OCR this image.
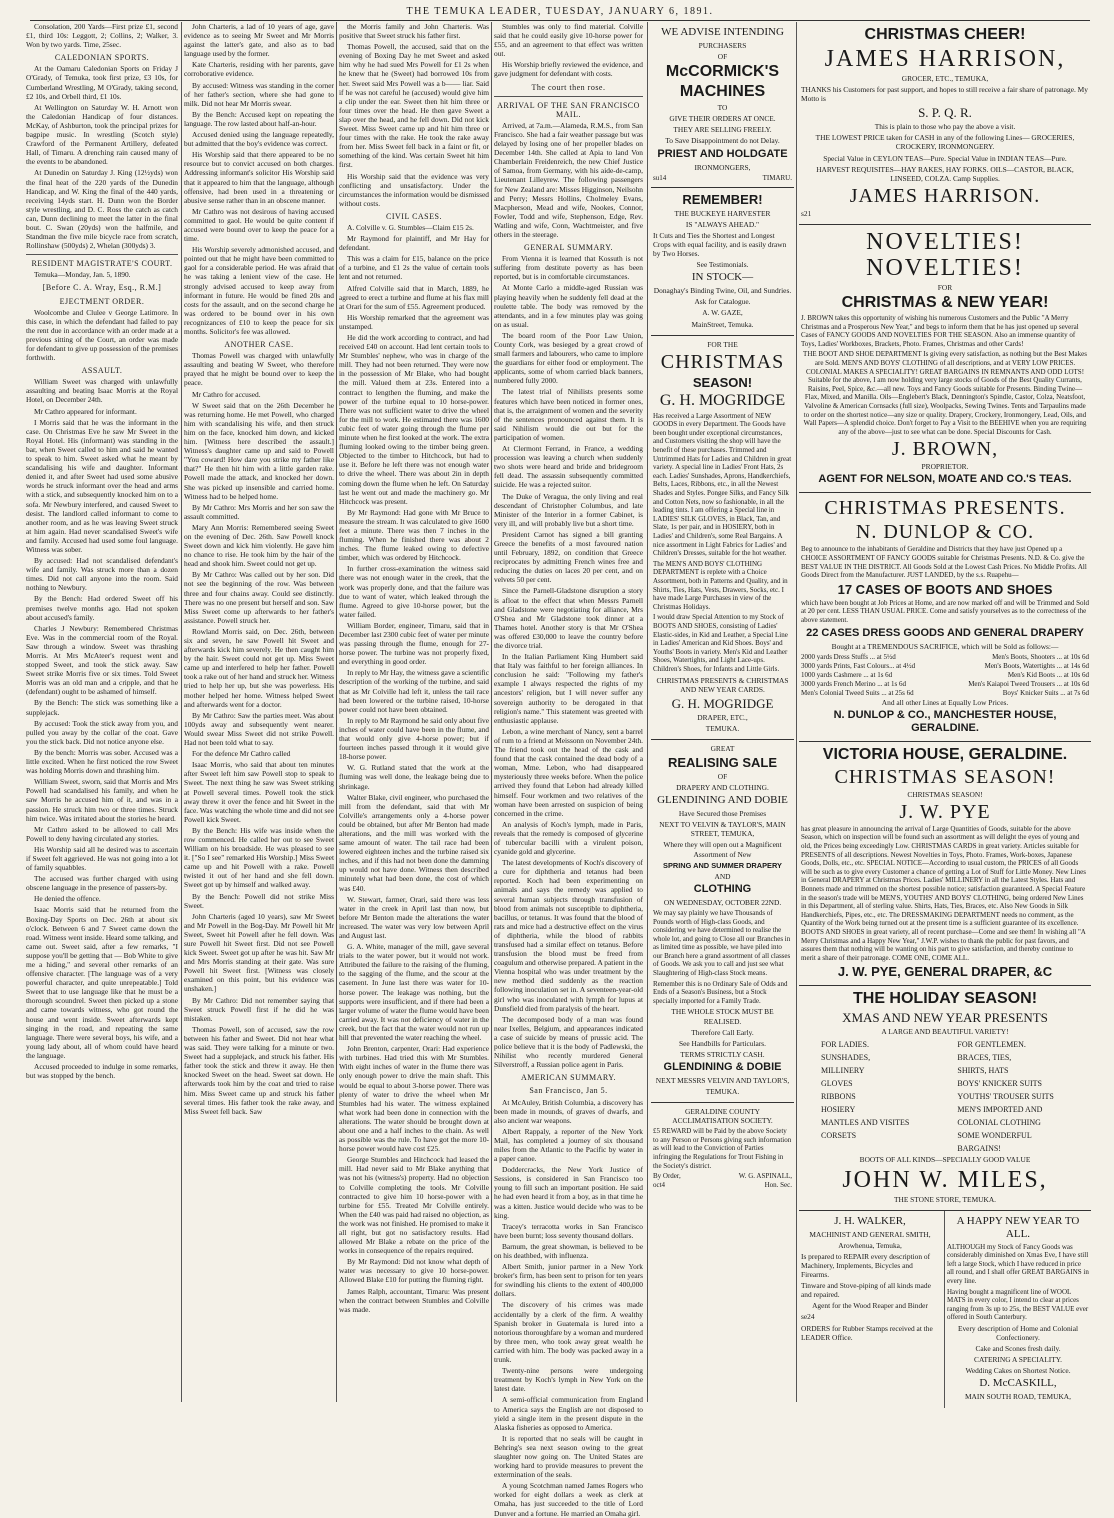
THE TEMUKA LEADER, TUESDAY, JANUARY 6, 1891.

Consolation, 200 Yards—First prize £1, second £1, third 10s: Leggott, 2; Collins, 2; Walker, 3. Won by two yards. Time, 25sec.

CALEDONIAN SPORTS.

At the Oamaru Caledonian Sports on Friday J O'Grady, of Temuka, took first prize, £3 10s, for Cumberland Wrestling, M O'Grady, taking second, £2 10s, and Orbell third, £1 10s.

At Wellington on Saturday W. H. Arnott won the Caledonian Handicap of four distances. McKay, of Ashburton, took the principal prizes for bagpipe music. In wrestling (Scotch style) Crawford of the Permanent Artillery, defeated Hall, of Timaru. A drenching rain caused many of the events to be abandoned.

At Dunedin on Saturday J. King (12½yds) won the final heat of the 220 yards of the Dunedin Handicap, and W. King the final of the 440 yards, receiving 14yds start. H. Dunn won the Border style wrestling, and D. C. Ross the catch as catch can, Dunn declining to meet the latter in the final bout. C. Swan (20yds) won the halfmile, and Standman the five mile bicycle race from scratch, Rollinshaw (500yds) 2, Whelan (300yds) 3.

RESIDENT MAGISTRATE'S COURT.

Temuka—Monday, Jan. 5, 1890.

[Before C. A. Wray, Esq., R.M.]
EJECTMENT ORDER.

Woolcombe and Clulee v George Latimore. In this case, in which the defendant had failed to pay the rent due in accordance with an order made at a previous sitting of the Court, an order was made for defendant to give up possession of the premises forthwith.

ASSAULT.

William Sweet was charged with unlawfully assaulting and beating Isaac Morris at the Royal Hotel, on December 24th.

Mr Cathro appeared for informant.

I Morris said that he was the informant in the case. On Christmas Eve he saw Mr Sweet in the Royal Hotel. His (informant) was standing in the bar, when Sweet called to him and said he wanted to speak to him. Sweet asked what he meant by scandalising his wife and daughter. Informant denied it, and after Sweet had used some abusive words he struck informant over the head and arms with a stick, and subsequently knocked him on to a sofa. Mr Newbury interfered, and caused Sweet to desist. The landlord called informant to come to another room, and as he was leaving Sweet struck at him again. Had never scandalised Sweet's wife and family. Accused had used some foul language. Witness was sober.

By accused: Had not scandalised defendant's wife and family. Was struck more than a dozen times. Did not call anyone into the room. Said nothing to Newbury.

By the Bench: Had ordered Sweet off his premises twelve months ago. Had not spoken about accused's family.

Charles J Newbury: Remembered Christmas Eve. Was in the commercial room of the Royal. Saw through a window. Sweet was thrashing Morris. At Mrs McAteer's request went and stopped Sweet, and took the stick away. Saw Sweet strike Morris five or six times. Told Sweet Morris was an old man and a cripple, and that he (defendant) ought to be ashamed of himself.

By the Bench: The stick was something like a supplejack.

By accused: Took the stick away from you, and pulled you away by the collar of the coat. Gave you the stick back. Did not notice anyone else.

By the bench: Morris was sober. Accused was a little excited. When he first noticed the row Sweet was holding Morris down and thrashing him.

William Sweet, sworn, said that Morris and Mrs Powell had scandalised his family, and when he saw Morris he accused him of it, and was in a passion. He struck him two or three times. Struck him twice. Was irritated about the stories he heard.

Mr Cathro asked to be allowed to call Mrs Powell to deny having circulated any stories.

His Worship said all he desired was to ascertain if Sweet felt aggrieved. He was not going into a lot of family squabbles.

The accused was further charged with using obscene language in the presence of passers-by.

He denied the offence.

Isaac Morris said that he returned from the Boxing-Day Sports on Dec. 26th at about six o'clock. Between 6 and 7 Sweet came down the road. Witness went inside. Heard some talking, and came out. Sweet said, after a few remarks, "I suppose you'll be getting that — Bob White to give me a hiding," and several other remarks of an offensive character. [The language was of a very powerful character, and quite unrepeatable.] Told Sweet that to use language like that he must be a thorough scoundrel. Sweet then picked up a stone and came towards witness, who got round the house and went inside. Sweet afterwards kept singing in the road, and repeating the same language. There were several boys, his wife, and a young lady about, all of whom could have heard the language.

Accused proceeded to indulge in some remarks, but was stopped by the bench.

John Charteris, a lad of 10 years of age, gave evidence as to seeing Mr Sweet and Mr Morris against the latter's gate, and also as to bad language used by the former.

Kate Charteris, residing with her parents, gave corroborative evidence.

By accused: Witness was standing in the corner of her father's section, where she had gone to milk. Did not hear Mr Morris swear.

By the Bench: Accused kept on repeating the language. The row lasted about half-an-hour.

Accused denied using the language repeatedly, but admitted that the boy's evidence was correct.

His Worship said that there appeared to be no resource but to convict accused on both charges. Addressing informant's solicitor His Worship said that it appeared to him that the language, although offensive, had been used in a threatening or abusive sense rather than in an obscene manner.

Mr Cathro was not desirous of having accused committed to gaol. He would be quite content if accused were bound over to keep the peace for a time.

His Worship severely admonished accused, and pointed out that he might have been committed to gaol for a considerable period. He was afraid that he was taking a lenient view of the case. He strongly advised accused to keep away from informant in future. He would be fined 20s and costs for the assault, and on the second charge he was ordered to be bound over in his own recognizances of £10 to keep the peace for six months. Solicitor's fee was allowed.

ANOTHER CASE.

Thomas Powell was charged with unlawfully assaulting and beating W Sweet, who therefore prayed that he might be bound over to keep the peace.

Mr Cathro for accused.

W Sweet said that on the 26th December he was returning home. He met Powell, who charged him with scandalising his wife, and then struck him on the face, knocked him down, and kicked him. [Witness here described the assault.] Witness's daughter came up and said to Powell "You coward! How dare you strike my father like that?" He then hit him with a little garden rake. Powell made the attack, and knocked her down. She was picked up insensible and carried home. Witness had to be helped home.

By Mr Cathro: Mrs Morris and her son saw the assault committed.

Mary Ann Morris: Remembered seeing Sweet on the evening of Dec. 26th. Saw Powell knock Sweet down and kick him violently. He gave him no chance to rise. He took him by the hair of the head and shook him. Sweet could not get up.

By Mr Cathro: Was called out by her son. Did not see the beginning of the row. Was between three and four chains away. Could see distinctly. There was no one present but herself and son. Saw Miss Sweet come up afterwards to her father's assistance. Powell struck her.

Rowland Morris said, on Dec. 26th, between six and seven, he saw Powell hit Sweet and afterwards kick him severely. He then caught him by the hair. Sweet could not get up. Miss Sweet came up and interfered to help her father. Powell took a rake out of her hand and struck her. Witness tried to help her up, but she was powerless. His mother helped her home. Witness helped Sweet and afterwards went for a doctor.

By Mr Cathro: Saw the parties meet. Was about 100yds away and subsequently went nearer. Would swear Miss Sweet did not strike Powell. Had not been told what to say.

For the defence Mr Cathro called

Isaac Morris, who said that about ten minutes after Sweet left him saw Powell stop to speak to Sweet. The next thing he saw was Sweet striking at Powell several times. Powell took the stick away threw it over the fence and hit Sweet in the face. Was watching the whole time and did not see Powell kick Sweet.

By the Bench: His wife was inside when the row commenced. He called her out to see Sweet William on his broadside. He was pleased to see it. ["So I see" remarked His Worship.] Miss Sweet came up and hit Powell with a rake. Powell twisted it out of her hand and she fell down. Sweet got up by himself and walked away.

By the Bench: Powell did not strike Miss Sweet.

John Charteris (aged 10 years), saw Mr Sweet and Mr Powell in the Bog-Day. Mr Powell hit Mr Sweet, Sweet hit Powell after he fell down. Was sure Powell hit Sweet first. Did not see Powell kick Sweet. Sweet got up after he was hit. Saw Mr and Mrs Morris standing at their gate. Was sure Powell hit Sweet first. [Witness was closely examined on this point, but his evidence was unshaken.]

By Mr Cathro: Did not remember saying that Sweet struck Powell first if he did he was mistaken.

Thomas Powell, son of accused, saw the row between his father and Sweet. Did not hear what was said. They were talking for a minute or two. Sweet had a supplejack, and struck his father. His father took the stick and threw it away. He then knocked Sweet on the head. Sweet sat down. He afterwards took him by the coat and tried to raise him. Miss Sweet came up and struck his father several times. His father took the rake away, and Miss Sweet fell back. Saw

the Morris family and John Charteris. Was positive that Sweet struck his father first.

Thomas Powell, the accused, said that on the evening of Boxing Day he met Sweet and asked him why he had sued Mrs Powell for £1 2s when he knew that he (Sweet) had borrowed 10s from her. Sweet said Mrs Powell was a b—— liar. Said if he was not careful he (accused) would give him a clip under the ear. Sweet then hit him three or four times over the head. He then gave Sweet a slap over the head, and he fell down. Did not kick Sweet. Miss Sweet came up and hit him three or four times with the rake. He took the rake away from her. Miss Sweet fell back in a faint or fit, or something of the kind. Was certain Sweet hit him first.

His Worship said that the evidence was very conflicting and unsatisfactory. Under the circumstances the information would be dismissed without costs.

CIVIL CASES.

A. Colville v. G. Stumbles—Claim £15 2s.

Mr Raymond for plaintiff, and Mr Hay for defendant.

This was a claim for £15, balance on the price of a turbine, and £1 2s the value of certain tools lent and not returned.

Alfred Colville said that in March, 1889, he agreed to erect a turbine and flume at his flax mill at Orari for the sum of £55. Agreement produced.

His Worship remarked that the agreement was unstamped.

He did the work according to contract, and had received £40 on account. Had lent certain tools to Mr Stumbles' nephew, who was in charge of the mill. They had not been returned. They were now in the possession of Mr Blake, who had bought the mill. Valued them at 23s. Entered into a contract to lengthen the fluming, and make the power of the turbine equal to 10 horse-power. There was not sufficient water to drive the wheel for the mill to work. He estimated there was 1600 cubic feet of water going through the flume per minute when he first looked at the work. The extra fluming looked owing to the timber being green. Objected to the timber to Hitchcock, but had to use it. Before he left there was not enough water to drive the wheel. There was about 2in in depth coming down the flume when he left. On Saturday last he went out and made the machinery go. Mr Hitchcock was present.

By Mr Raymond: Had gone with Mr Bruce to measure the stream. It was calculated to give 1600 feet a minute. There was then 7 inches in the fluming. When he finished there was about 2 inches. The flume leaked owing to defective timber, which was ordered by Hitchcock.

In further cross-examination the witness said there was not enough water in the creek, that the work was properly done, and that the failure was due to want of water, which leaked through the flume. Agreed to give 10-horse power, but the water failed.

William Border, engineer, Timaru, said that in December last 2300 cubic feet of water per minute was passing through the flume, enough for 27-horse power. The turbine was not properly fixed, and everything in good order.

In reply to Mr Hay, the witness gave a scientific description of the working of the turbine, and said that as Mr Colville had left it, unless the tail race had been lowered or the turbine raised, 10-horse power could not have been obtained.

In reply to Mr Raymond he said only about five inches of water could have been in the flume, and that would only give 4-horse power; but if fourteen inches passed through it it would give 18-horse power.

W. G. Rutland stated that the work at the fluming was well done, the leakage being due to shrinkage.

Walter Blake, civil engineer, who purchased the mill from the defendant, said that with Mr Colville's arrangements only a 4-horse power could be obtained, but after Mr Benton had made alterations, and the mill was worked with the same amount of water. The tail race had been lowered eighteen inches and the turbine raised six inches, and if this had not been done the damming up would not have done. Witness then described minutely what had been done, the cost of which was £40.

W. Stewart, farmer, Orari, said there was less water in the creek in April last than now, but before Mr Benton made the alterations the water increased. The water was very low between April and August last.

G. A. White, manager of the mill, gave several trials to the water power, but it would not work. Attributed the failure to the raising of the fluming, to the sagging of the flume, and the scour at the casement. In June last there was water for 10-horse power. The leakage was nothing, but the supports were insufficient, and if there had been a larger volume of water the flume would have been carried away. It was not deficiency of water in the creek, but the fact that the water would not run up hill that prevented the water reaching the wheel.

John Brenton, carpenter, Orari: Had experience with turbines. Had tried this with Mr Stumbles. With eight inches of water in the flume there was only enough power to drive the main shaft. This would be equal to about 3-horse power. There was plenty of water to drive the wheel when Mr Stumbles had his water. The witness explained what work had been done in connection with the alterations. The water should be brought down at about one and a half inches to the chain. As well as possible was the rule. To have got the more 10-horse power would have cost £25.

George Stumbles and Hitchcock had leased the mill. Had never said to Mr Blake anything that was not his (witness's) property. Had no objection to Colville completing the tools. Mr Colville contracted to give him 10 horse-power with a turbine for £55. Treated Mr Colville entirely. When the £40 was paid had raised no objection, as the work was not finished. He promised to make it all right, but got no satisfactory results. Had allowed Mr Blake a rebate on the price of the works in consequence of the repairs required.

By Mr Raymond: Did not know what depth of water was necessary to give 10 horse-power. Allowed Blake £10 for putting the fluming right.

James Ralph, accountant, Timaru: Was present when the contract between Stumbles and Colville was made.

Stumbles was only to find material. Colville said that he could easily give 10-horse power for £55, and an agreement to that effect was written out.

His Worship briefly reviewed the evidence, and gave judgment for defendant with costs.

The court then rose.
ARRIVAL OF THE SAN FRANCISCO MAIL.

Arrived, at 7a.m.—Alameda, R.M.S., from San Francisco. She had a fair weather passage but was delayed by losing one of her propeller blades on December 14th. She called at Apia to land Von Chamberlain Freidenreich, the new Chief Justice of Samoa, from Germany, with his aide-de-camp, Lieutenant Lilleyrew. The following passengers for New Zealand are: Misses Higginson, Neilsohn and Perry; Messrs Hollins, Cholmeley Evans, Macpherson, Mead and wife, Nookes, Connor, Fowler, Todd and wife, Stephenson, Edge, Rev. Watling and wife, Conn, Wachtmeister, and five others in the steerage.

GENERAL SUMMARY.

From Vienna it is learned that Kossuth is not suffering from destitute poverty as has been reported, but is in comfortable circumstances.

At Monte Carlo a middle-aged Russian was playing heavily when he suddenly fell dead at the roulette table. The body was removed by the attendants, and in a few minutes play was going on as usual.

The board room of the Poor Law Union, County Cork, was besieged by a great crowd of small farmers and labourers, who came to implore the guardians for either food or employment. The applicants, some of whom carried black banners, numbered fully 2000.

The latest trial of Nihilists presents some features which have been noticed in former ones, that is, the arraignment of women and the severity of the sentences pronounced against them. It is said Nihilism would die out but for the participation of women.

At Clermont Ferrand, in France, a wedding procession was leaving a church when suddenly two shots were heard and bride and bridegroom fell dead. The assassin subsequently committed suicide. He was a rejected suitor.

The Duke of Veragua, the only living and real descendant of Christopher Columbus, and late Minister of the Interior in a former Cabinet, is very ill, and will probably live but a short time.

President Carnot has signed a bill granting Greece the benefits of a most favoured nation until February, 1892, on condition that Greece reciprocates by admitting French wines free and reducing the duties on laces 20 per cent, and on velvets 50 per cent.

Since the Parnell-Gladstone disruption a story is afloat to the effect that when Messrs Parnell and Gladstone were negotiating for alliance, Mrs O'Shea and Mr Gladstone took dinner at a Thames hotel. Another story is that Mr O'Shea was offered £30,000 to leave the country before the divorce trial.

In the Italian Parliament King Humbert said that Italy was faithful to her foreign alliances. In conclusion he said: "Following my father's example I always respected the rights of my ancestors' religion, but I will never suffer any sovereign authority to be derogated in that religion's name." This statement was greeted with enthusiastic applause.

Lebon, a wine merchant of Nancy, sent a barrel of rum to a friend at Meissonn on November 24th. The friend took out the head of the cask and found that the cask contained the dead body of a woman, Mme. Lebon, who had disappeared mysteriously three weeks before. When the police arrived they found that Lebon had already killed himself. Four workmen and two relatives of the woman have been arrested on suspicion of being concerned in the crime.

An analysis of Koch's lymph, made in Paris, reveals that the remedy is composed of glycerine of tubercular bacilli with a virulent poison, cyanide gold and glycerine.

The latest developments of Koch's discovery of a cure for diphtheria and tetanus had been reported. Koch had been experimenting on animals and says the remedy was applied to several human subjects through transfusion of blood from animals not susceptible to diphtheria, bacillus, or tetanus. It was found that the blood of rats and mice had a destructive effect on the virus of diphtheria, while the blood of rabbits transfused had a similar effect on tetanus. Before transfusion the blood must be freed from coagulum and otherwise prepared. A patient in the Vienna hospital who was under treatment by the new method died suddenly as the reaction following inoculation set in. A seventeen-year-old girl who was inoculated with lymph for lupus at Dunsfield died from paralysis of the heart.

The decomposed body of a man was found near Ixelles, Belgium, and appearances indicated a case of suicide by means of prussic acid. The police believe that it is the body of Padlewski, the Nihilist who recently murdered General Silverstroff, a Russian police agent in Paris.

AMERICAN SUMMARY.
San Francisco, Jan 5.

At McAuley, British Columbia, a discovery has been made in mounds, of graves of dwarfs, and also ancient war weapons.

Albert Rappaly, a reporter of the New York Mail, has completed a journey of six thousand miles from the Atlantic to the Pacific by water in a paper canoe.

Doddercracks, the New York Justice of Sessions, is considered in San Francisco too young to fill such an important position. He said he had even heard it from a boy, as in that time he was a kitten. Justice would decide who was to be king.

Tracey's terracotta works in San Francisco have been burnt; loss seventy thousand dollars.

Barnum, the great showman, is believed to be on his deathbed, with influenza.

Albert Smith, junior partner in a New York broker's firm, has been sent to prison for ten years for swindling his clients to the extent of 400,000 dollars.

The discovery of his crimes was made accidentally by a clerk of the firm. A wealthy Spanish broker in Guatemala is lured into a notorious thoroughfare by a woman and murdered by three men, who took away great wealth he carried with him. The body was packed away in a trunk.

Twenty-nine persons were undergoing treatment by Koch's lymph in New York on the latest date.

A semi-official communication from England to America says the English are not disposed to yield a single item in the present dispute in the Alaska fisheries as opposed to America.

It is reported that no seals will be caught in Behring's sea next season owing to the great slaughter now going on. The United States are working hard to provide measures to prevent the extermination of the seals.

A young Scotchman named James Rogers who worked for eight dollars a week as clerk at Omaha, has just succeeded to the title of Lord Dunver and a fortune. He married an Omaha girl.

WE ADVISE INTENDING

PURCHASERS

OF

McCORMICK'S

MACHINES

TO

GIVE THEIR ORDERS AT ONCE.

THEY ARE SELLING FREELY.

To Save Disappointment do not Delay.

PRIEST AND HOLDGATE

IRONMONGERS,

su14	TIMARU.

REMEMBER!

THE BUCKEYE HARVESTER

IS "ALWAYS AHEAD."

It Cuts and Ties the Shortest and Longest Crops with equal facility, and is easily drawn by Two Horses.

See Testimonials.

IN STOCK—

Donaghay's Binding Twine, Oil, and Sundries.

Ask for Catalogue.

A. W. GAZE,

MainStreet, Temuka.

FOR THE

CHRISTMAS

SEASON!

G. H. MOGRIDGE

Has received a Large Assortment of NEW GOODS in every Department. The Goods have been bought under exceptional circumstances, and Customers visiting the shop will have the benefit of these purchases. Trimmed and Untrimmed Hats for Ladies and Children in great variety. A special line in Ladies' Front Hats, 2s each. Ladies' Sunshades, Aprons, Handkerchiefs, Belts, Laces, Ribbons, etc., in all the Newest Shades and Styles. Pongee Silks, and Fancy Silk and Cotton Nets, now so fashionable, in all the leading tints. I am offering a Special line in LADIES' SILK GLOVES, in Black, Tan, and Slate, 1s per pair, and in HOSIERY, both in Ladies' and Children's, some Real Bargains. A nice assortment in Light Fabrics for Ladies' and Children's Dresses, suitable for the hot weather.

The MEN'S AND BOYS' CLOTHING DEPARTMENT is replete with a Choice Assortment, both in Patterns and Quality, and in Shirts, Ties, Hats, Vests, Drawers, Socks, etc. I have made Large Purchases in view of the Christmas Holidays.

I would draw Special Attention to my Stock of BOOTS AND SHOES, consisting of Ladies' Elastic-sides, in Kid and Leather, a Special Line in Ladies' American and Kid Shoes. Boys' and Youths' Boots in variety. Men's Kid and Leather Shoes, Watertights, and Light Lace-ups. Children's Shoes, for Infants and Little Girls.

CHRISTMAS PRESENTS & CHRISTMAS AND NEW YEAR CARDS.

G. H. MOGRIDGE

DRAPER, ETC.,

TEMUKA.

GREAT

REALISING SALE

OF

DRAPERY AND CLOTHING.

GLENDINING AND DOBIE

Have Secured those Premises

NEXT TO VELVIN & TAYLOR'S, MAIN STREET, TEMUKA,

Where they will open out a Magnificent Assortment of New

SPRING AND SUMMER DRAPERY

AND

CLOTHING

ON WEDNESDAY, OCTOBER 22ND.

We may say plainly we have Thousands of Pounds worth of High-class Goods, and considering we have determined to realise the whole lot, and going to Close all our Branches in as limited time as possible, we have piled into our Branch here a grand assortment of all classes of Goods. We ask you to call and just see what Slaughtering of High-class Stock means.

Remember this is no Ordinary Sale of Odds and Ends of a Season's Business, but a Stock specially imported for a Family Trade.

THE WHOLE STOCK MUST BE REALISED.

Therefore Call Early.

See Handbills for Particulars.

TERMS STRICTLY CASH.

GLENDINING & DOBIE

NEXT MESSRS VELVIN AND TAYLOR'S,

TEMUKA.

GERALDINE COUNTY ACCLIMATISATION SOCIETY.

£5 REWARD will be Paid by the above Society to any Person or Persons giving such information as will lead to the Conviction of Parties infringing the Regulations for Trout Fishing in the Society's district.

By Order,	W. G. ASPINALL,
oct4	Hon. Sec.

CHRISTMAS CHEER!

JAMES HARRISON,

GROCER, ETC., TEMUKA,

THANKS his Customers for past support, and hopes to still receive a fair share of patronage. My Motto is

S. P. Q. R.

This is plain to those who pay the above a visit.

THE LOWEST PRICE taken for CASH in any of the following Lines— GROCERIES, CROCKERY, IRONMONGERY.

Special Value in CEYLON TEAS—Pure. Special Value in INDIAN TEAS—Pure.

HARVEST REQUISITES—HAY RAKES, HAY FORKS. OILS—CASTOR, BLACK, LINSEED, COLZA. Camp Supplies.

JAMES HARRISON.

s21

NOVELTIES! NOVELTIES!

FOR

CHRISTMAS & NEW YEAR!

J. BROWN takes this opportunity of wishing his numerous Customers and the Public "A Merry Christmas and a Prosperous New Year," and begs to inform them that he has just opened up several Cases of FANCY GOODS AND NOVELTIES FOR THE SEASON. Also an immense quantity of Toys, Ladies' Workboxes, Brackets, Photo. Frames, Christmas and other Cards!

THE BOOT AND SHOE DEPARTMENT Is giving every satisfaction, as nothing but the Best Makes are Sold. MEN'S AND BOYS' CLOTHING of all descriptions, and at VERY LOW PRICES. COLONIAL MAKES A SPECIALITY! GREAT BARGAINS IN REMNANTS AND ODD LOTS! Suitable for the above, I am now holding very large stocks of Goods of the Best Quality Currants, Raisins, Peel, Spice, &c.—all new. Toys and Fancy Goods suitable for Presents. Binding Twine—Flax, Mixed, and Manilla. Oils—Englebert's Black, Dennington's Spindle, Castor, Colza, Neatsfoot, Valvoline & American Cornsacks (full size), Woolpacks, Sewing Twines. Tents and Tarpaulins made to order on the shortest notice—any size or quality. Drapery, Crockery, Ironmongery, Lead, Oils, and Wall Papers—A splendid choice. Don't forget to Pay a Visit to the BEEHIVE when you are requiring any of the above—just to see what can be done. Special Discounts for Cash.

J. BROWN,

PROPRIETOR.

AGENT FOR NELSON, MOATE AND CO.'S TEAS.

CHRISTMAS PRESENTS.

N. DUNLOP & CO.

Beg to announce to the inhabitants of Geraldine and Districts that they have just Opened up a CHOICE ASSORTMENT OF FANCY GOODS suitable for Christmas Presents. N.D. & Co. give the BEST VALUE IN THE DISTRICT. All Goods Sold at the Lowest Cash Prices. No Middle Profits. All Goods Direct from the Manufacturer. JUST LANDED, by the s.s. Ruapehu—

17 CASES OF BOOTS AND SHOES

which have been bought at Job Prices at Home, and are now marked off and will be Trimmed and Sold at 20 per cent. LESS THAN USUAL PRICE. Come and satisfy yourselves as to the correctness of the above statement.

22 CASES DRESS GOODS AND GENERAL DRAPERY

Bought at a TREMENDOUS SACRIFICE, which will be Sold as follows:—

2000 yards Dress Stuffs ... at 5½d	Men's Boots, Shooters ... at 10s 6d
3000 yards Prints, Fast Colours... at 4½d	Men's Boots, Watertights ... at 14s 6d
1000 yards Cashmere ... at 1s 6d	Men's Kid Boots ... at 10s 6d
3000 yards French Merino ... at 1s 6d	Men's Kaiapoi Tweed Trousers ... at 10s 6d
Men's Colonial Tweed Suits ... at 25s 6d	Boys' Knicker Suits ... at 7s 6d

And all other Lines at Equally Low Prices.

N. DUNLOP & CO., MANCHESTER HOUSE, GERALDINE.

VICTORIA HOUSE, GERALDINE.

CHRISTMAS SEASON!

CHRISTMAS SEASON!

J. W. PYE

has great pleasure in announcing the arrival of Large Quantities of Goods, suitable for the above Season, which on inspection will be found such an assortment as will delight the eyes of young and old, the Prices being exceedingly Low. CHRISTMAS CARDS in great variety. Articles suitable for PRESENTS of all descriptions. Newest Novelties in Toys, Photo. Frames, Work-boxes, Japanese Goods, Dolls, etc., etc. SPECIAL NOTICE—According to usual custom, the PRICES of all Goods will be such as to give every Customer a chance of getting a Lot of Stuff for Little Money. New Lines in General DRAPERY at Christmas Prices. Ladies' MILLINERY in all the Latest Styles. Hats and Bonnets made and trimmed on the shortest possible notice; satisfaction guaranteed. A Special Feature in the season's trade will be MEN'S, YOUTHS' AND BOYS' CLOTHING, being ordered New Lines in this Department, all of sterling value. Shirts, Hats, Ties, Braces, etc. Also New Goods in Silk Handkerchiefs, Pipes, etc., etc. The DRESSMAKING DEPARTMENT needs no comment, as the Quantity of the Work being turned out at the present time is a sufficient guarantee of its excellence. BOOTS AND SHOES in great variety, all of recent purchase—Come and see them! In wishing all "A Merry Christmas and a Happy New Year," J.W.P. wishes to thank the public for past favors, and assures them that nothing will be wanting on his part to give satisfaction, and thereby continue to merit a share of their patronage. COME ONE, COME ALL.

J. W. PYE, GENERAL DRAPER, &C

THE HOLIDAY SEASON!

XMAS AND NEW YEAR PRESENTS

A LARGE AND BEAUTIFUL VARIETY!

FOR LADIES.
SUNSHADES,
MILLINERY
GLOVES
RIBBONS
HOSIERY
MANTLES AND VISITES
CORSETS
FOR GENTLEMEN.
BRACES, TIES,
SHIRTS, HATS
BOYS' KNICKER SUITS
YOUTHS' TROUSER SUITS
MEN'S IMPORTED AND COLONIAL CLOTHING
SOME WONDERFUL BARGAINS!

BOOTS OF ALL KINDS—SPECIALLY GOOD VALUE

JOHN W. MILES,

THE STONE STORE, TEMUKA.

J. H. WALKER,

MACHINIST AND GENERAL SMITH,

Arowhenua, Temuka,

Is prepared to REPAIR every description of Machinery, Implements, Bicycles and Firearms.

Tinware and Stove-piping of all kinds made and repaired.

Agent for the Wood Reaper and Binder

se24

ORDERS for Rubber Stamps received at the LEADER Office.

A HAPPY NEW YEAR TO ALL.

ALTHOUGH my Stock of Fancy Goods was considerably diminished on Xmas Eve, I have still left a large Stock, which I have reduced in price all round, and I shall offer GREAT BARGAINS in every line.

Having bought a magnificent line of WOOL MATS in every color, I intend to clear at prices ranging from 3s up to 25s, the BEST VALUE ever offered in South Canterbury.

Every description of Home and Colonial Confectionery.

Cake and Scones fresh daily.

CATERING A SPECIALITY.

Wedding Cakes on Shortest Notice.

D. McCASKILL,

MAIN SOUTH ROAD, TEMUKA,
